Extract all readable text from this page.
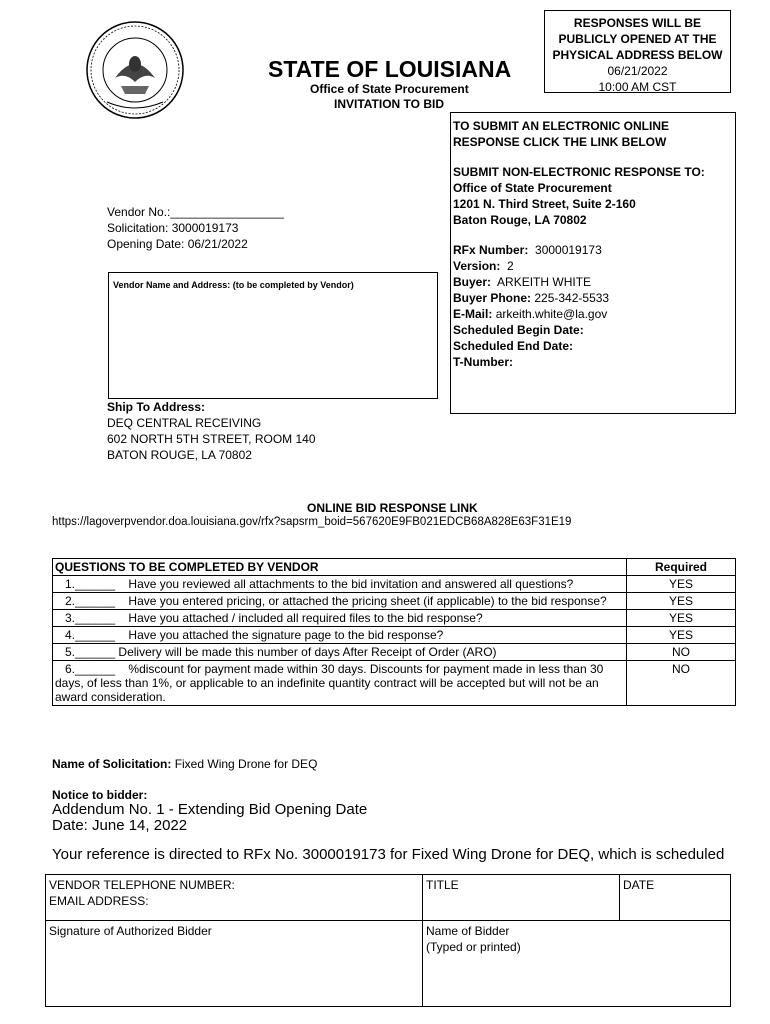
STATE OF LOUISIANA
Office of State Procurement
INVITATION TO BID
RESPONSES WILL BE
PUBLICLY OPENED AT THE
PHYSICAL ADDRESS BELOW
06/21/2022
10:00 AM CST
TO SUBMIT AN ELECTRONIC ONLINE
RESPONSE CLICK THE LINK BELOW
SUBMIT NON-ELECTRONIC RESPONSE TO:
Office of State Procurement
1201 N. Third Street, Suite 2-160
Baton Rouge, LA 70802
RFx Number: 3000019173
Version: 2
Buyer: ARKEITH WHITE
Buyer Phone: 225-342-5533
E-Mail: arkeith.white@la.gov
Scheduled Begin Date:
Scheduled End Date:
T-Number:
Vendor No.:_________________
Solicitation: 3000019173
Opening Date: 06/21/2022
Vendor Name and Address: (to be completed by Vendor)
Ship To Address:
DEQ CENTRAL RECEIVING
602 NORTH 5TH STREET, ROOM 140
BATON ROUGE, LA 70802
ONLINE BID RESPONSE LINK
https://lagoverpvendor.doa.louisiana.gov/rfx?sapsrm_boid=567620E9FB021EDCB68A828E63F31E19
QUESTIONS TO BE COMPLETED BY VENDOR	Required
1.______ Have you reviewed all attachments to the bid invitation and answered all questions?	YES
2.______ Have you entered pricing, or attached the pricing sheet (if applicable) to the bid response?	YES
3.______ Have you attached / included all required files to the bid response?	YES
4.______ Have you attached the signature page to the bid response?	YES
5.______ Delivery will be made this number of days After Receipt of Order (ARO)	NO
6.______ %discount for payment made within 30 days. Discounts for payment made in less than 30 days, of less than 1%, or applicable to an indefinite quantity contract will be accepted but will not be an award consideration.	NO
Name of Solicitation: Fixed Wing Drone for DEQ
Notice to bidder:
Addendum No. 1 - Extending Bid Opening Date
Date: June 14, 2022
Your reference is directed to RFx No. 3000019173 for Fixed Wing Drone for DEQ, which is scheduled
VENDOR TELEPHONE NUMBER:
EMAIL ADDRESS:	TITLE	DATE

Signature of Authorized Bidder	Name of Bidder
(Typed or printed)	
